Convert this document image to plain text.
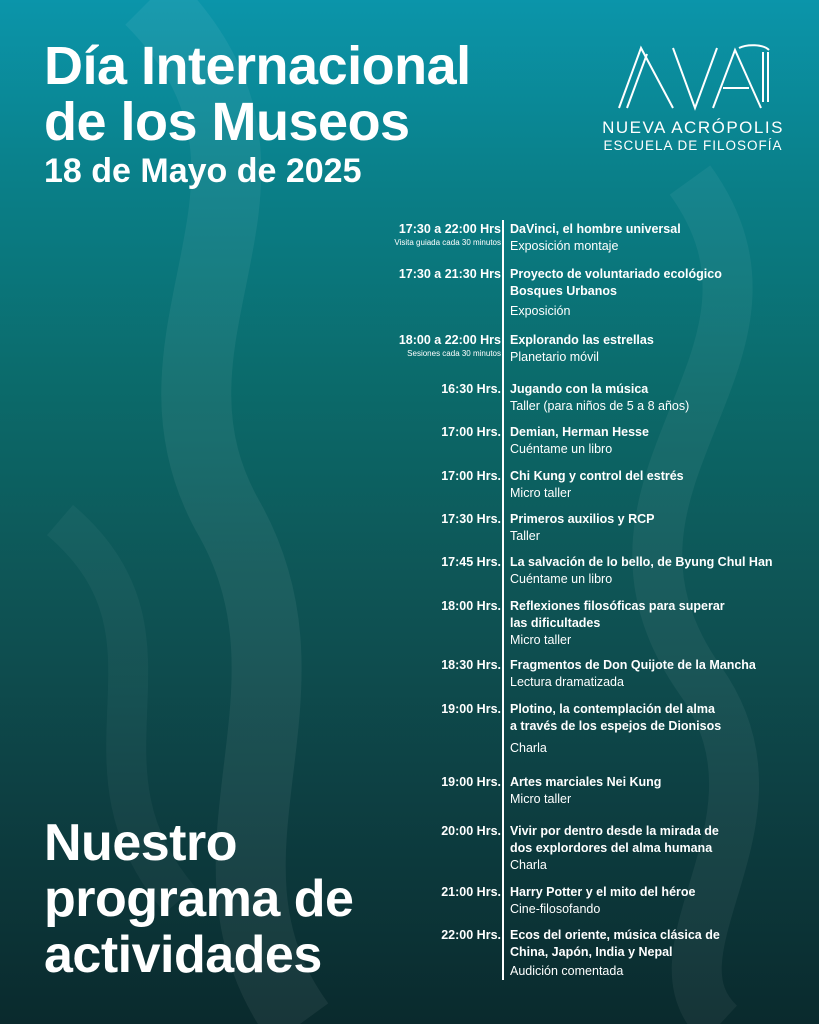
Día Internacional
de los Museos
18 de Mayo de 2025
NUEVA ACRÓPOLIS
ESCUELA DE FILOSOFÍA
17:30 a 22:00 Hrs
Visita guiada cada 30 minutos
DaVinci, el hombre universal
Exposición montaje
17:30 a 21:30 Hrs Proyecto de voluntariado ecológico
Bosques Urbanos
Exposición
18:00 a 22:00 Hrs
Sesiones cada 30 minutos
Explorando las estrellas
Planetario móvil
16:30 Hrs. Jugando con la música
Taller (para niños de 5 a 8 años)
17:00 Hrs. Demian, Herman Hesse
Cuéntame un libro
17:00 Hrs. Chi Kung y control del estrés
Micro taller
17:30 Hrs. Primeros auxilios y RCP
Taller
17:45 Hrs. La salvación de lo bello, de Byung Chul Han
Cuéntame un libro
18:00 Hrs. Reflexiones filosóficas para superar
las dificultades
Micro taller
18:30 Hrs. Fragmentos de Don Quijote de la Mancha
Lectura dramatizada
19:00 Hrs. Plotino, la contemplación del alma
a través de los espejos de Dionisos
Charla
19:00 Hrs. Artes marciales Nei Kung
Micro taller
20:00 Hrs. Vivir por dentro desde la mirada de
dos explordores del alma humana
Charla
21:00 Hrs. Harry Potter y el mito del héroe
Cine-filosofando
22:00 Hrs. Ecos del oriente, música clásica de
China, Japón, India y Nepal
Audición comentada
Nuestro
programa de
actividades
